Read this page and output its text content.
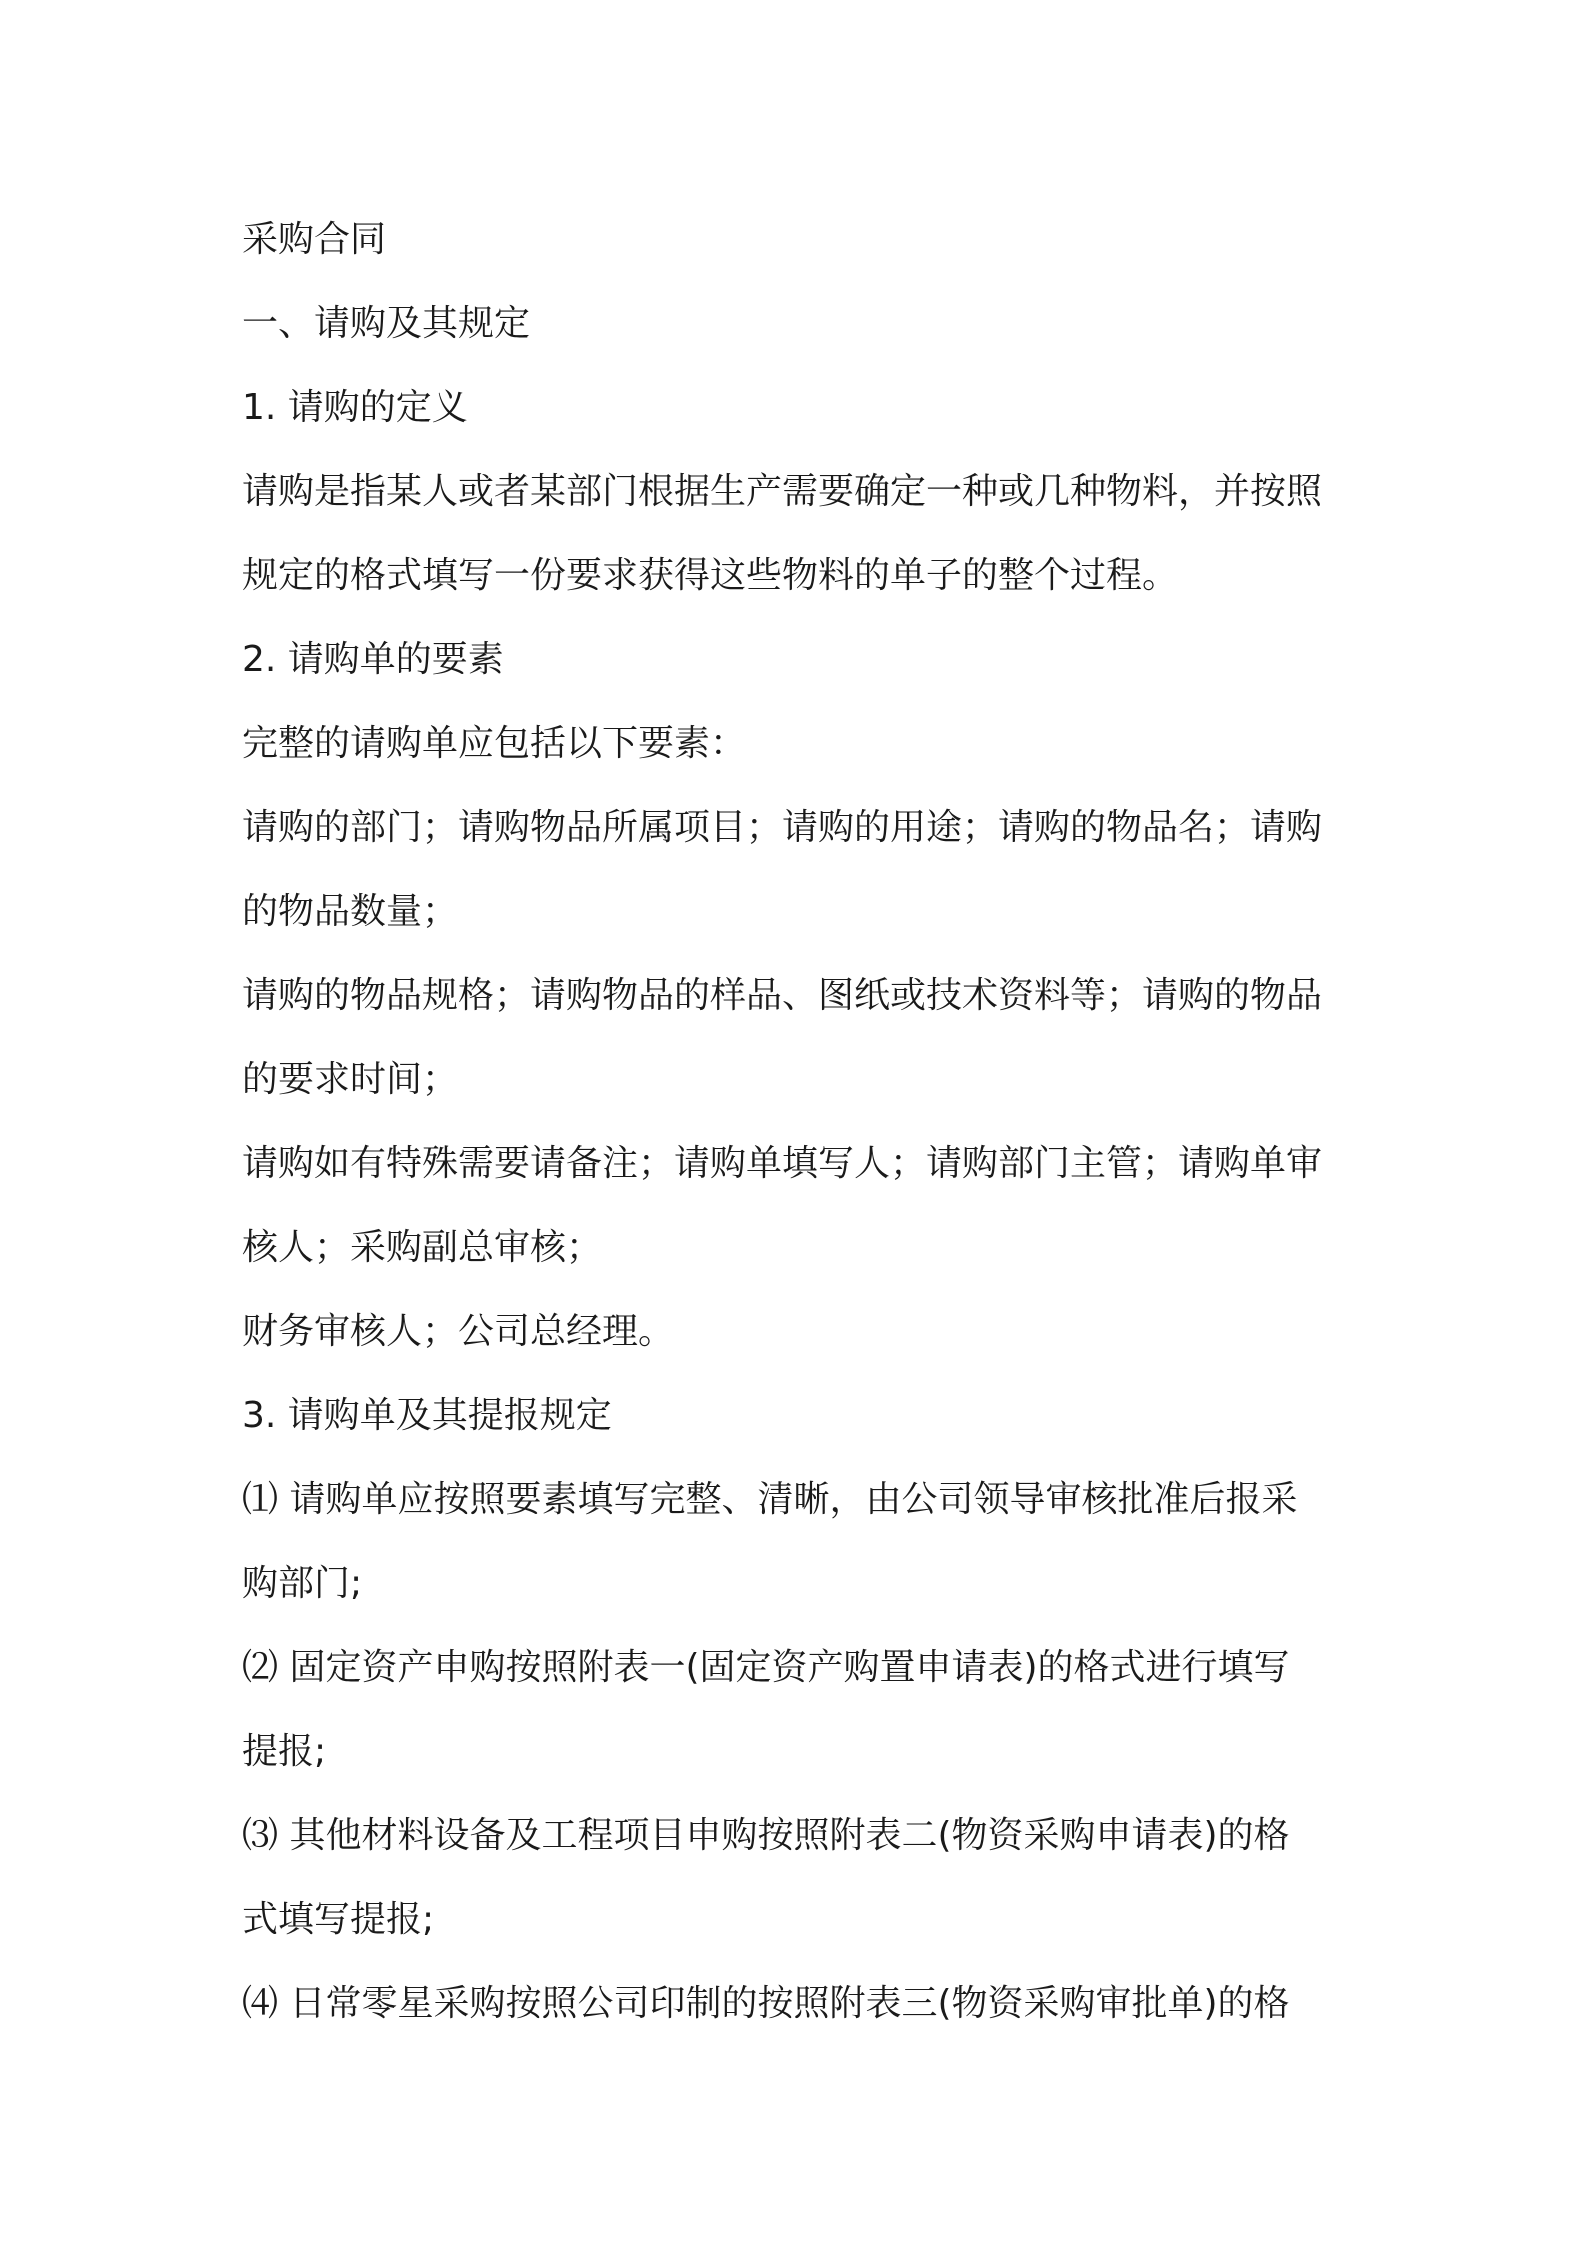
采购合同
一、请购及其规定
1. 请购的定义
请购是指某人或者某部门根据生产需要确定一种或几种物料，并按照
规定的格式填写一份要求获得这些物料的单子的整个过程。
2. 请购单的要素
完整的请购单应包括以下要素：
请购的部门；请购物品所属项目；请购的用途；请购的物品名；请购
的物品数量；
请购的物品规格；请购物品的样品、图纸或技术资料等；请购的物品
的要求时间；
请购如有特殊需要请备注；请购单填写人；请购部门主管；请购单审
核人；采购副总审核；
财务审核人；公司总经理。
3. 请购单及其提报规定
⑴ 请购单应按照要素填写完整、清晰，由公司领导审核批准后报采
购部门;
⑵ 固定资产申购按照附表一(固定资产购置申请表)的格式进行填写
提报;
⑶ 其他材料设备及工程项目申购按照附表二(物资采购申请表)的格
式填写提报;
⑷ 日常零星采购按照公司印制的按照附表三(物资采购审批单)的格
